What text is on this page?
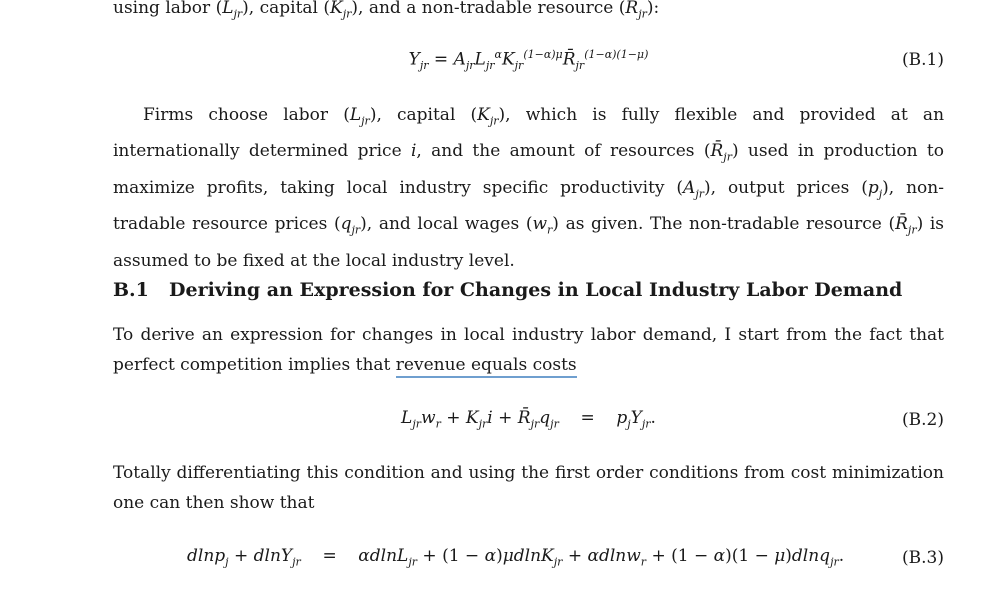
using labor $(L_{jr})$, capital $(K_{jr})$, and a non-tradable resource $(R_{jr})$:

$Y_{jr}$ = $A_{jr}L_{jr}^\alpha K_{jr}^{(1-\alpha)\mu}R̄_{jr}^{(1-\alpha)(1-\mu)}$	(B.1)

Firms choose labor $(L_{jr})$, capital $(K_{jr})$, which is fully flexible and provided at an internationally determined price i, and the amount of resources $(R̄_{jr})$ used in production to maximize profits, taking local industry specific productivity $(A_{jr})$, output prices $(p_j)$, non-tradable resource prices $(q_{jr})$, and local wages $(w_r)$ as given. The non-tradable resource $(R̄_{jr})$ is assumed to be fixed at the local industry level.

B.1 Deriving an Expression for Changes in Local Industry Labor Demand

To derive an expression for changes in local industry labor demand, I start from the fact that perfect competition implies that revenue equals costs

$L_{jr}w_r + K_{jr}i$ + $R̄_{jr}q_{jr}$ =    $p_jY_{jr}$.	(B.2)

Totally differentiating this condition and using the first order conditions from cost minimization one can then show that

dlnp$_j$ + dlnY$_{jr}$ =    αdlnL$_{jr}$ + (1 − α)μdlnK$_{jr}$ + αdlnw$_r$ + (1 − α)(1 − μ)dlnq$_{jr}$.	(B.3)
